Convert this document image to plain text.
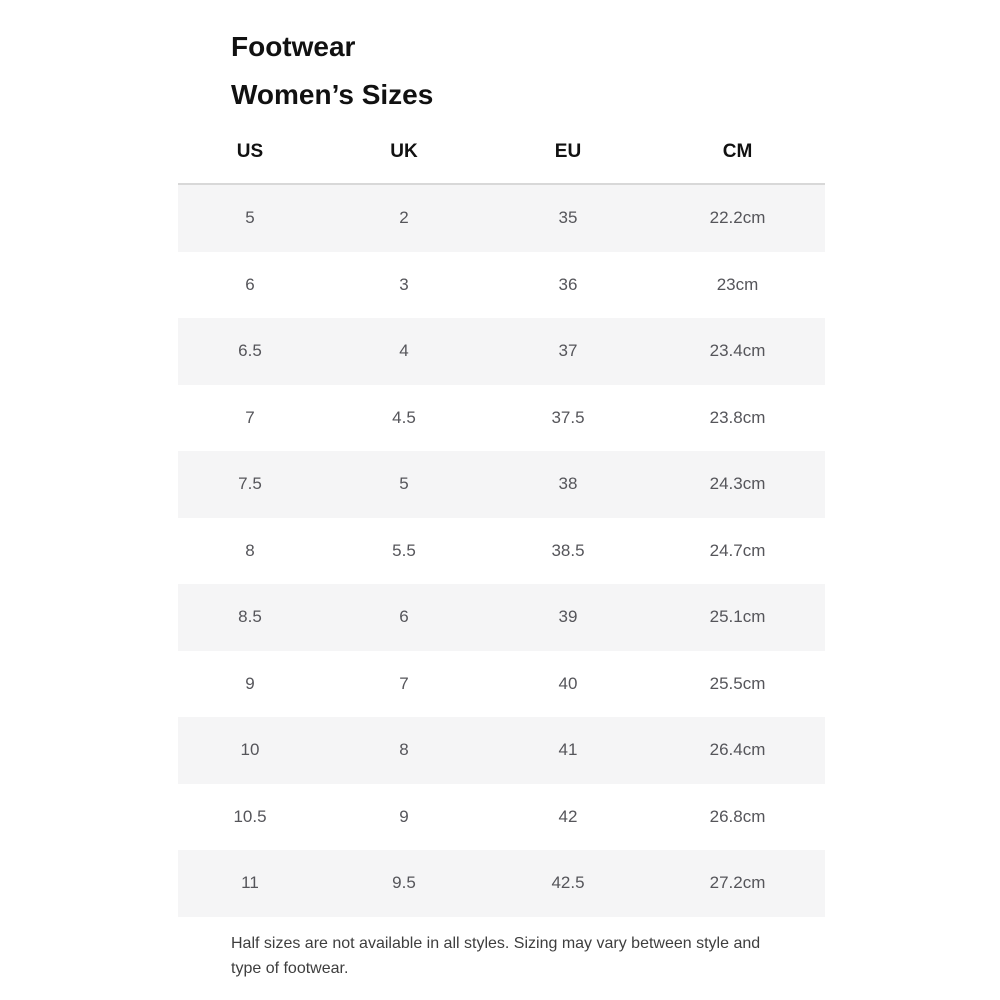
Footwear
Women’s Sizes
US	UK	EU	CM
5	2	35	22.2cm
6	3	36	23cm
6.5	4	37	23.4cm
7	4.5	37.5	23.8cm
7.5	5	38	24.3cm
8	5.5	38.5	24.7cm
8.5	6	39	25.1cm
9	7	40	25.5cm
10	8	41	26.4cm
10.5	9	42	26.8cm
11	9.5	42.5	27.2cm
Half sizes are not available in all styles. Sizing may vary between style and type of footwear.
